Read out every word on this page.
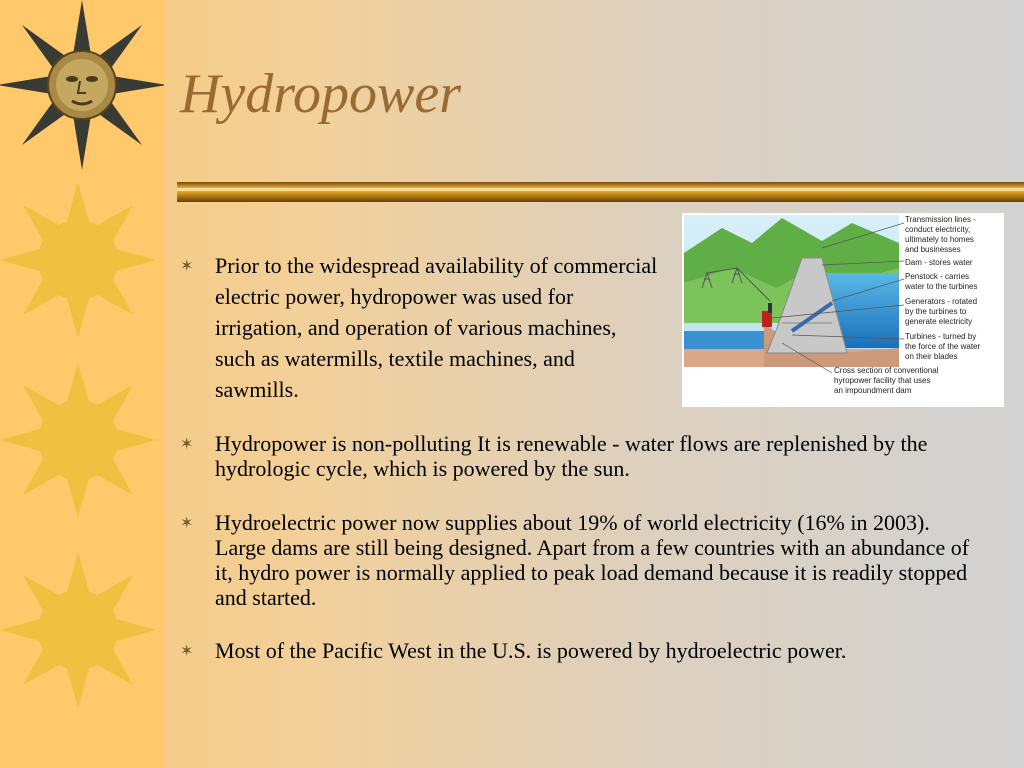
Hydropower
✶ Prior to the widespread availability of commercial electric power, hydropower was used for irrigation, and operation of various machines, such as watermills, textile machines, and sawmills.
✶ Hydropower is non-polluting It is renewable - water flows are replenished by the hydrologic cycle, which is powered by the sun.
✶ Hydroelectric power now supplies about 19% of world electricity (16% in 2003). Large dams are still being designed. Apart from a few countries with an abundance of it, hydro power is normally applied to peak load demand because it is readily stopped and started.
✶ Most of the Pacific West in the U.S. is powered by hydroelectric power.
Transmission lines -
conduct electricity,
ultimately to homes
and businesses
Dam - stores water
Penstock - carries
water to the turbines
Generators - rotated
by the turbines to
generate electricity
Turbines - turned by
the force of the water
on their blades
Cross section of conventional
hyropower facility that uses
an impoundment dam
